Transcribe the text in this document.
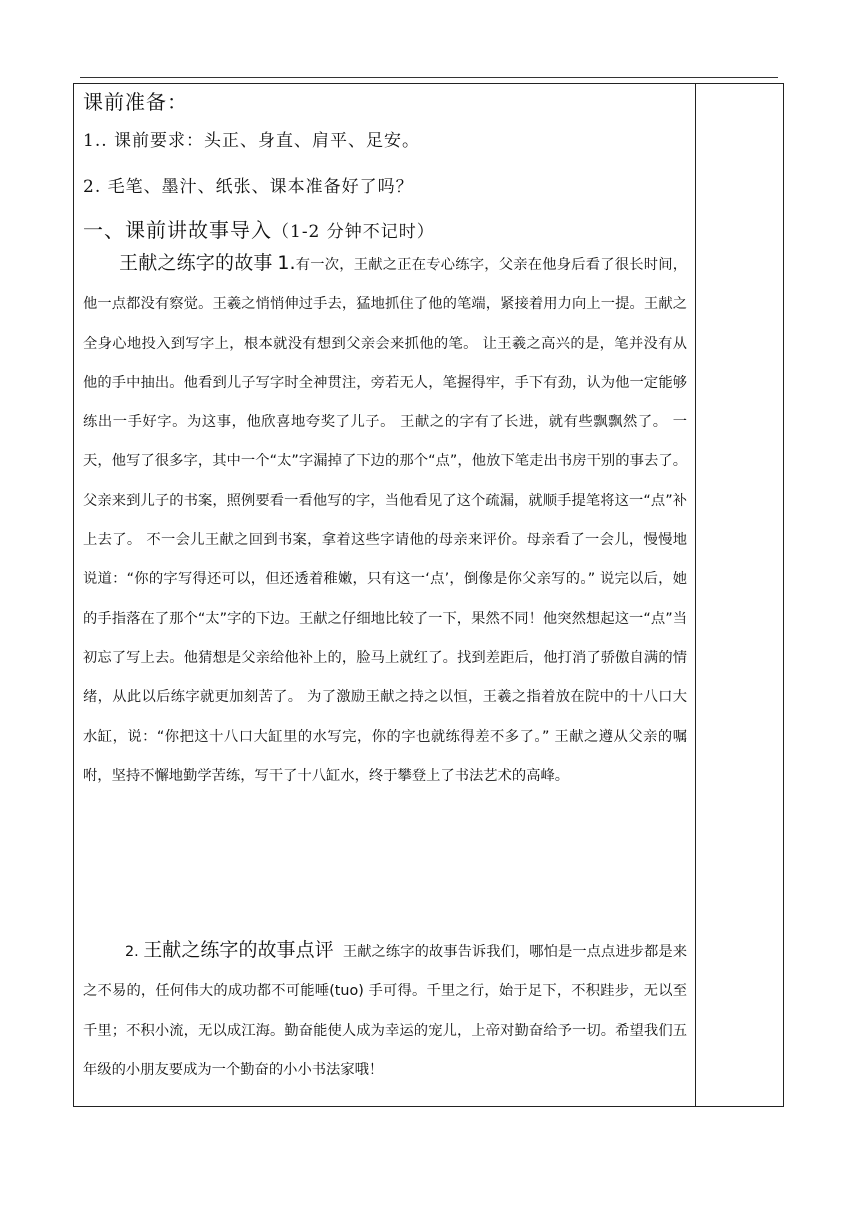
课前准备：
1.. 课前要求：头正、身直、肩平、足安。
2. 毛笔、墨汁、纸张、课本准备好了吗？
一、课前讲故事导入（1-2 分钟不记时）

王献之练字的故事 1.有一次，王献之正在专心练字，父亲在他身后看了很长时间，他一点都没有察觉。王羲之悄悄伸过手去，猛地抓住了他的笔端，紧接着用力向上一提。王献之全身心地投入到写字上，根本就没有想到父亲会来抓他的笔。 让王羲之高兴的是，笔并没有从他的手中抽出。他看到儿子写字时全神贯注，旁若无人，笔握得牢，手下有劲，认为他一定能够练出一手好字。为这事，他欣喜地夸奖了儿子。 王献之的字有了长进，就有些飘飘然了。 一天，他写了很多字，其中一个“太”字漏掉了下边的那个“点”，他放下笔走出书房干别的事去了。父亲来到儿子的书案，照例要看一看他写的字，当他看见了这个疏漏，就顺手提笔将这一“点”补上去了。 不一会儿王献之回到书案，拿着这些字请他的母亲来评价。母亲看了一会儿，慢慢地说道：“你的字写得还可以，但还透着稚嫩，只有这一‘点’，倒像是你父亲写的。” 说完以后，她的手指落在了那个“太”字的下边。王献之仔细地比较了一下，果然不同！他突然想起这一“点”当初忘了写上去。他猜想是父亲给他补上的，脸马上就红了。找到差距后，他打消了骄傲自满的情绪，从此以后练字就更加刻苦了。 为了激励王献之持之以恒，王羲之指着放在院中的十八口大水缸，说：“你把这十八口大缸里的水写完，你的字也就练得差不多了。” 王献之遵从父亲的嘱咐，坚持不懈地勤学苦练，写干了十八缸水，终于攀登上了书法艺术的高峰。

2. 王献之练字的故事点评 王献之练字的故事告诉我们，哪怕是一点点进步都是来之不易的，任何伟大的成功都不可能唾(tuo) 手可得。千里之行，始于足下，不积跬步，无以至千里；不积小流，无以成江海。勤奋能使人成为幸运的宠儿，上帝对勤奋给予一切。希望我们五年级的小朋友要成为一个勤奋的小小书法家哦！
